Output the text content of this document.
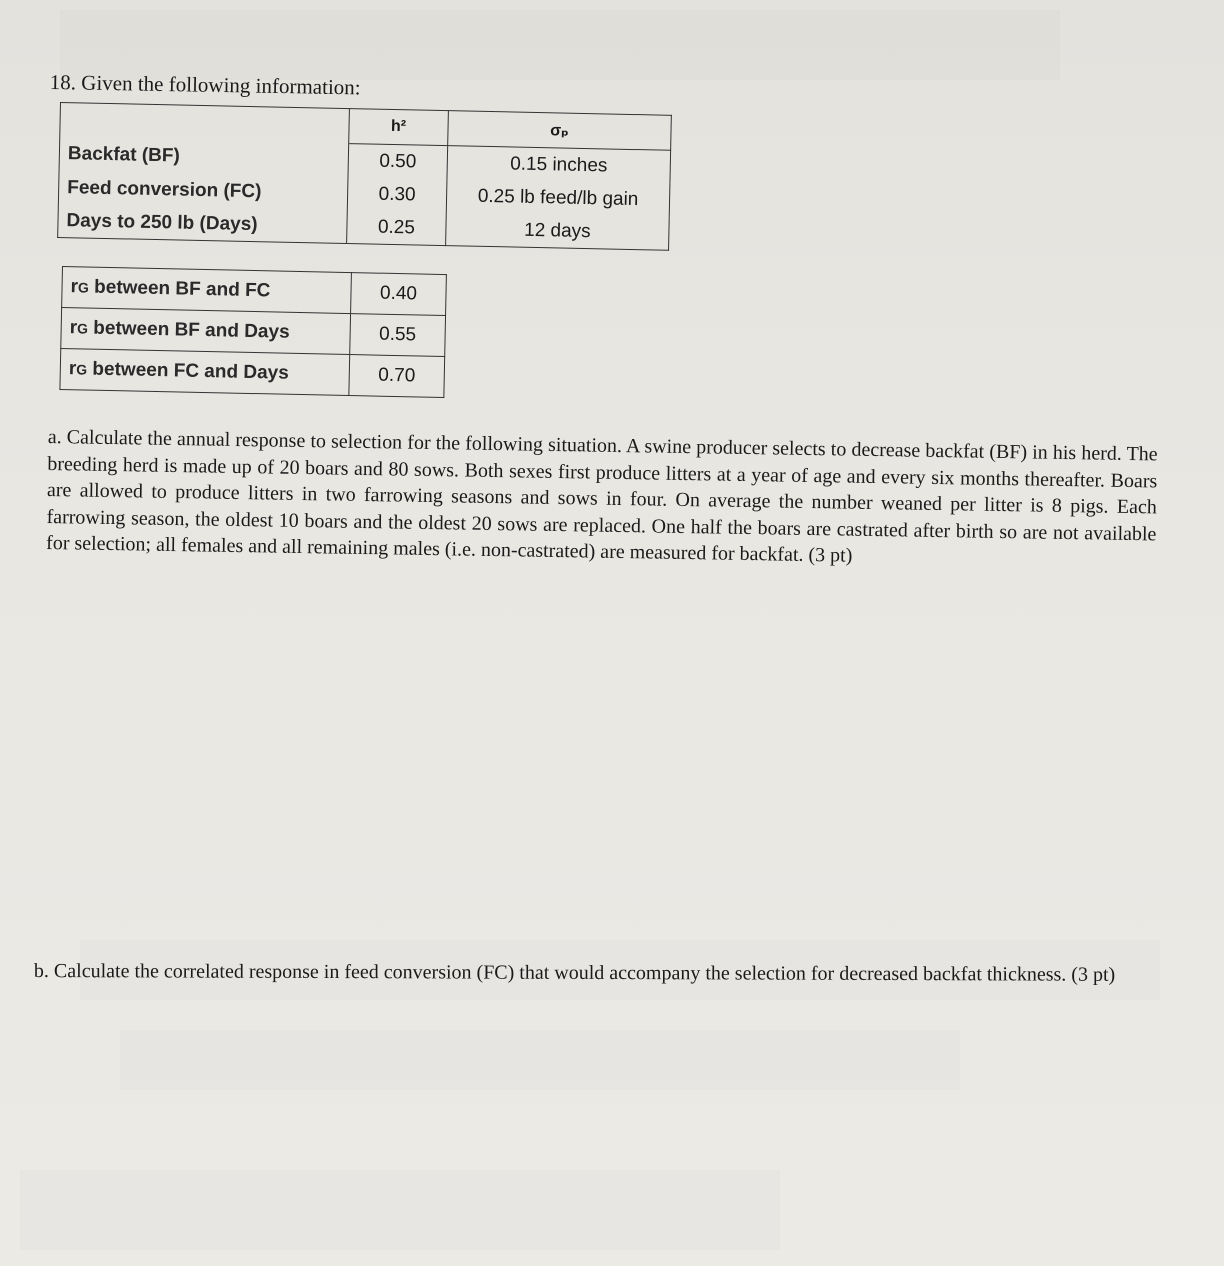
18. Given the following information:
	h²	σₚ
Backfat (BF)	0.50	0.15 inches
Feed conversion (FC)	0.30	0.25 lb feed/lb gain
Days to 250 lb (Days)	0.25	12 days
rG between BF and FC	0.40
rG between BF and Days	0.55
rG between FC and Days	0.70
a. Calculate the annual response to selection for the following situation. A swine producer selects to decrease backfat (BF) in his herd. The breeding herd is made up of 20 boars and 80 sows. Both sexes first produce litters at a year of age and every six months thereafter. Boars are allowed to produce litters in two farrowing seasons and sows in four. On average the number weaned per litter is 8 pigs. Each farrowing season, the oldest 10 boars and the oldest 20 sows are replaced. One half the boars are castrated after birth so are not available for selection; all females and all remaining males (i.e. non-castrated) are measured for backfat. (3 pt)
b. Calculate the correlated response in feed conversion (FC) that would accompany the selection for decreased backfat thickness. (3 pt)
